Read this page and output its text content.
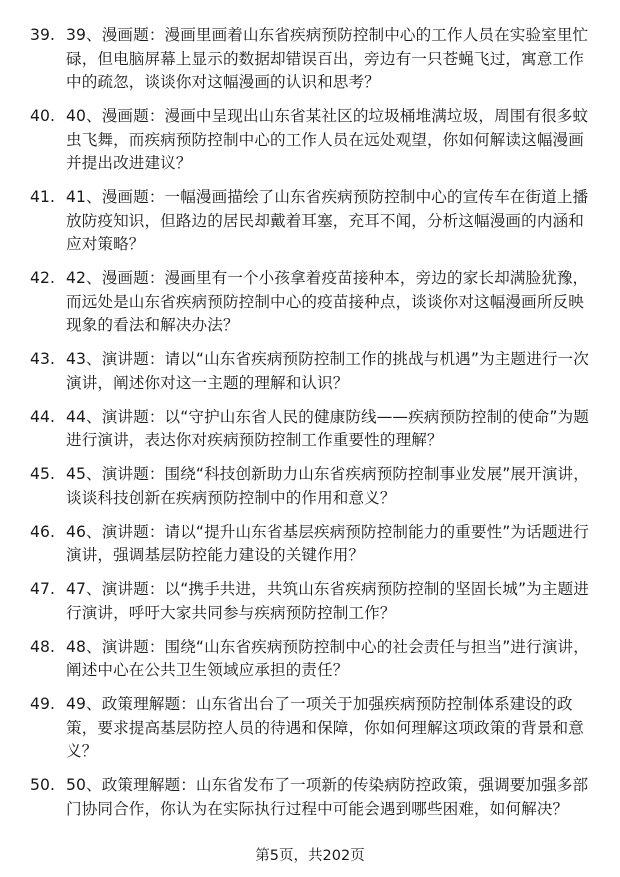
39. 39、漫画题：漫画里画着山东省疾病预防控制中心的工作人员在实验室里忙碌，但电脑屏幕上显示的数据却错误百出，旁边有一只苍蝇飞过，寓意工作中的疏忽，谈谈你对这幅漫画的认识和思考？
40. 40、漫画题：漫画中呈现出山东省某社区的垃圾桶堆满垃圾，周围有很多蚊虫飞舞，而疾病预防控制中心的工作人员在远处观望，你如何解读这幅漫画并提出改进建议？
41. 41、漫画题：一幅漫画描绘了山东省疾病预防控制中心的宣传车在街道上播放防疫知识，但路边的居民却戴着耳塞，充耳不闻，分析这幅漫画的内涵和应对策略？
42. 42、漫画题：漫画里有一个小孩拿着疫苗接种本，旁边的家长却满脸犹豫，而远处是山东省疾病预防控制中心的疫苗接种点，谈谈你对这幅漫画所反映现象的看法和解决办法？
43. 43、演讲题：请以“山东省疾病预防控制工作的挑战与机遇”为主题进行一次演讲，阐述你对这一主题的理解和认识？
44. 44、演讲题：以“守护山东省人民的健康防线——疾病预防控制的使命”为题进行演讲，表达你对疾病预防控制工作重要性的理解？
45. 45、演讲题：围绕“科技创新助力山东省疾病预防控制事业发展”展开演讲，谈谈科技创新在疾病预防控制中的作用和意义？
46. 46、演讲题：请以“提升山东省基层疾病预防控制能力的重要性”为话题进行演讲，强调基层防控能力建设的关键作用？
47. 47、演讲题：以“携手共进，共筑山东省疾病预防控制的坚固长城”为主题进行演讲，呼吁大家共同参与疾病预防控制工作？
48. 48、演讲题：围绕“山东省疾病预防控制中心的社会责任与担当”进行演讲，阐述中心在公共卫生领域应承担的责任？
49. 49、政策理解题：山东省出台了一项关于加强疾病预防控制体系建设的政策，要求提高基层防控人员的待遇和保障，你如何理解这项政策的背景和意义？
50. 50、政策理解题：山东省发布了一项新的传染病防控政策，强调要加强多部门协同合作，你认为在实际执行过程中可能会遇到哪些困难，如何解决？
第5页，共202页
